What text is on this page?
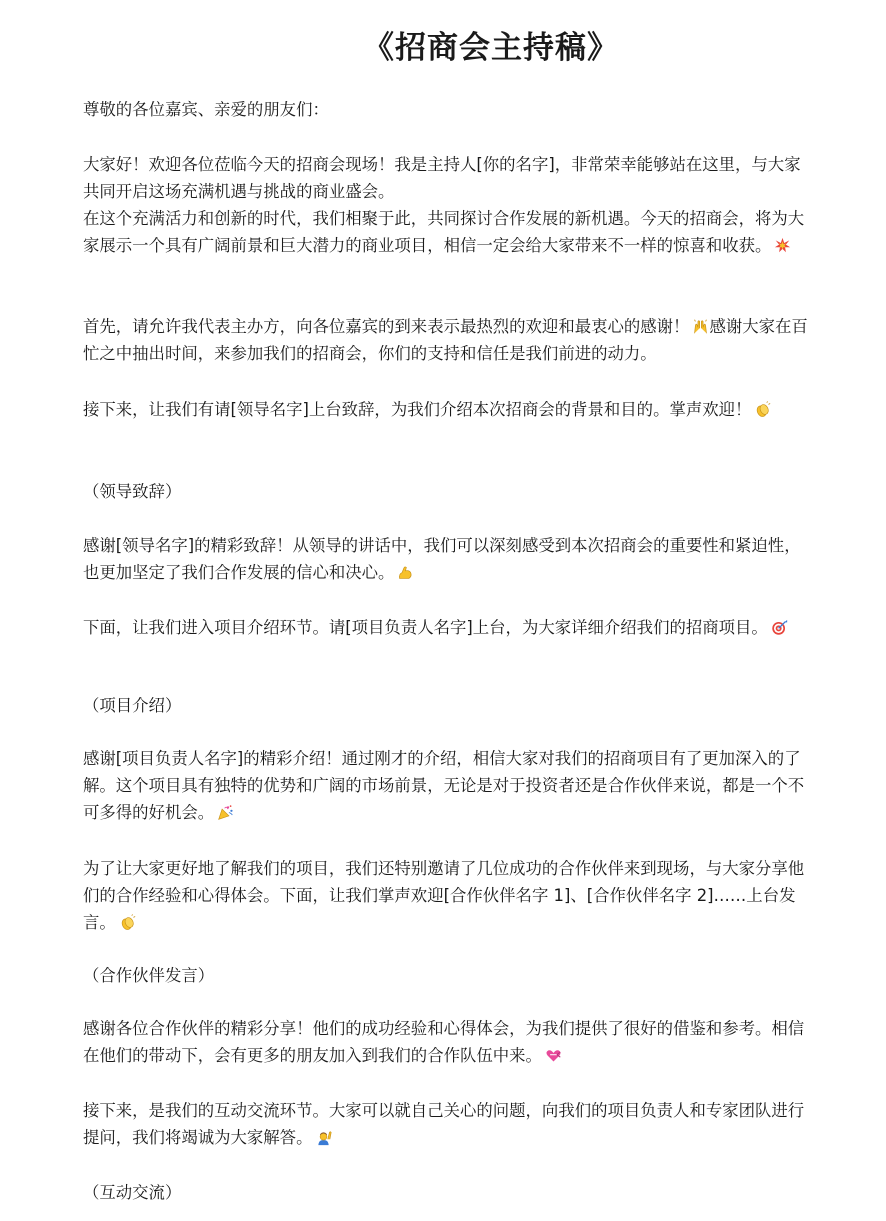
《招商会主持稿》

尊敬的各位嘉宾、亲爱的朋友们：

大家好！欢迎各位莅临今天的招商会现场！我是主持人[你的名字]，非常荣幸能够站在这里，与大家共同开启这场充满机遇与挑战的商业盛会。

在这个充满活力和创新的时代，我们相聚于此，共同探讨合作发展的新机遇。今天的招商会，将为大家展示一个具有广阔前景和巨大潜力的商业项目，相信一定会给大家带来不一样的惊喜和收获。

首先，请允许我代表主办方，向各位嘉宾的到来表示最热烈的欢迎和最衷心的感谢！ 感谢大家在百忙之中抽出时间，来参加我们的招商会，你们的支持和信任是我们前进的动力。

接下来，让我们有请[领导名字]上台致辞，为我们介绍本次招商会的背景和目的。掌声欢迎！

（领导致辞）

感谢[领导名字]的精彩致辞！从领导的讲话中，我们可以深刻感受到本次招商会的重要性和紧迫性，也更加坚定了我们合作发展的信心和决心。

下面，让我们进入项目介绍环节。请[项目负责人名字]上台，为大家详细介绍我们的招商项目。

（项目介绍）

感谢[项目负责人名字]的精彩介绍！通过刚才的介绍，相信大家对我们的招商项目有了更加深入的了解。这个项目具有独特的优势和广阔的市场前景，无论是对于投资者还是合作伙伴来说，都是一个不可多得的好机会。

为了让大家更好地了解我们的项目，我们还特别邀请了几位成功的合作伙伴来到现场，与大家分享他们的合作经验和心得体会。下面，让我们掌声欢迎[合作伙伴名字 1]、[合作伙伴名字 2]……上台发言。

（合作伙伴发言）

感谢各位合作伙伴的精彩分享！他们的成功经验和心得体会，为我们提供了很好的借鉴和参考。相信在他们的带动下，会有更多的朋友加入到我们的合作队伍中来。

接下来，是我们的互动交流环节。大家可以就自己关心的问题，向我们的项目负责人和专家团队进行提问，我们将竭诚为大家解答。

（互动交流）
